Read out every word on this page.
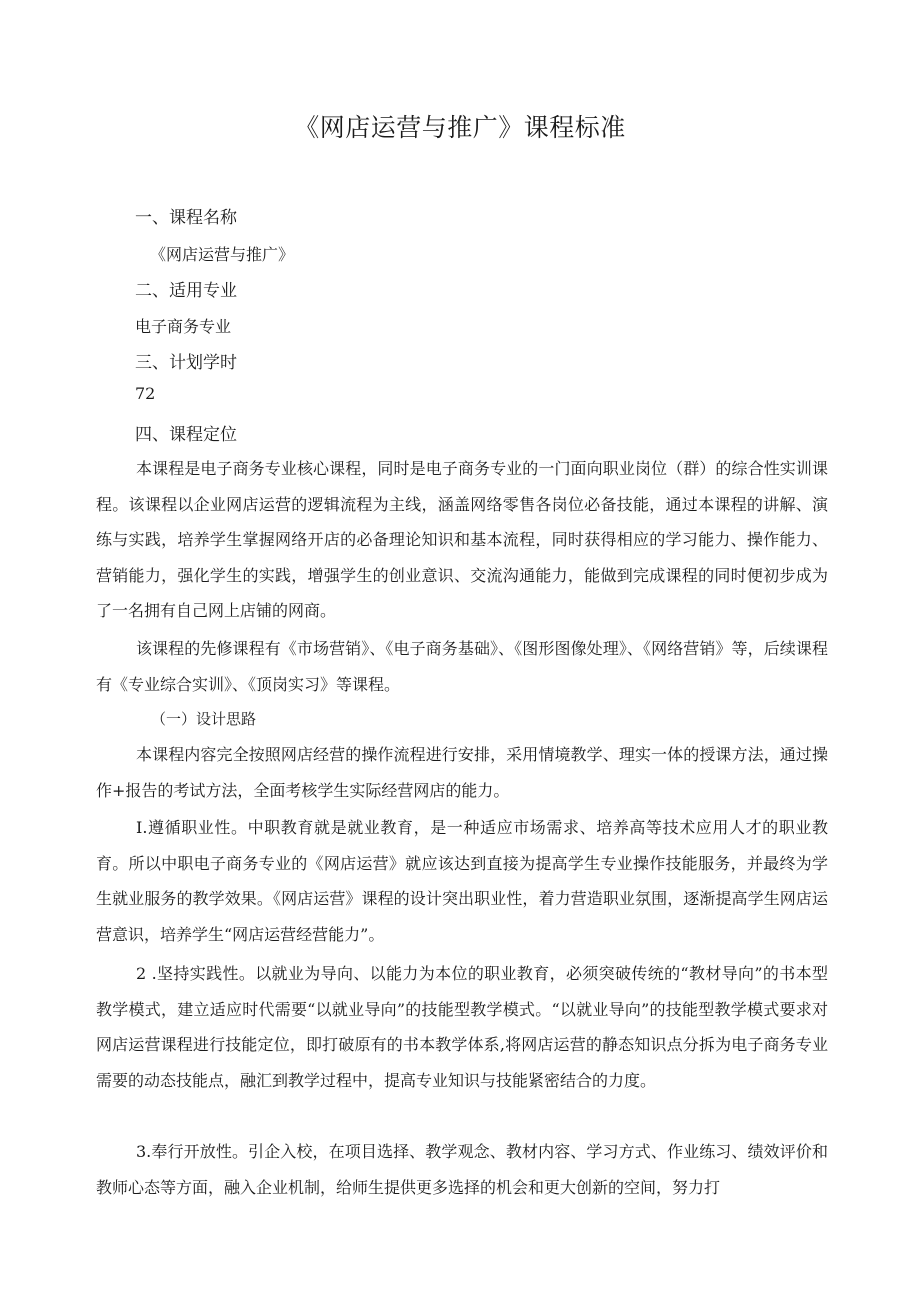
《网店运营与推广》课程标准

一、课程名称

《网店运营与推广》

二、适用专业

电子商务专业

三、计划学时

72

四、课程定位

本课程是电子商务专业核心课程，同时是电子商务专业的一门面向职业岗位（群）的综合性实训课程。该课程以企业网店运营的逻辑流程为主线，涵盖网络零售各岗位必备技能，通过本课程的讲解、演练与实践，培养学生掌握网络开店的必备理论知识和基本流程，同时获得相应的学习能力、操作能力、营销能力，强化学生的实践，增强学生的创业意识、交流沟通能力，能做到完成课程的同时便初步成为了一名拥有自己网上店铺的网商。

该课程的先修课程有《市场营销》、《电子商务基础》、《图形图像处理》、《网络营销》等，后续课程有《专业综合实训》、《顶岗实习》等课程。

（一）设计思路

本课程内容完全按照网店经营的操作流程进行安排，采用情境教学、理实一体的授课方法，通过操作+报告的考试方法，全面考核学生实际经营网店的能力。

I.遵循职业性。中职教育就是就业教育，是一种适应市场需求、培养高等技术应用人才的职业教育。所以中职电子商务专业的《网店运营》就应该达到直接为提高学生专业操作技能服务，并最终为学生就业服务的教学效果。《网店运营》课程的设计突出职业性，着力营造职业氛围，逐渐提高学生网店运营意识，培养学生“网店运营经营能力”。

2 .坚持实践性。以就业为导向、以能力为本位的职业教育，必须突破传统的“教材导向”的书本型教学模式，建立适应时代需要“以就业导向”的技能型教学模式。“以就业导向”的技能型教学模式要求对网店运营课程进行技能定位，即打破原有的书本教学体系,将网店运营的静态知识点分拆为电子商务专业需要的动态技能点，融汇到教学过程中，提高专业知识与技能紧密结合的力度。

3.奉行开放性。引企入校，在项目选择、教学观念、教材内容、学习方式、作业练习、绩效评价和教师心态等方面，融入企业机制，给师生提供更多选择的机会和更大创新的空间，努力打
